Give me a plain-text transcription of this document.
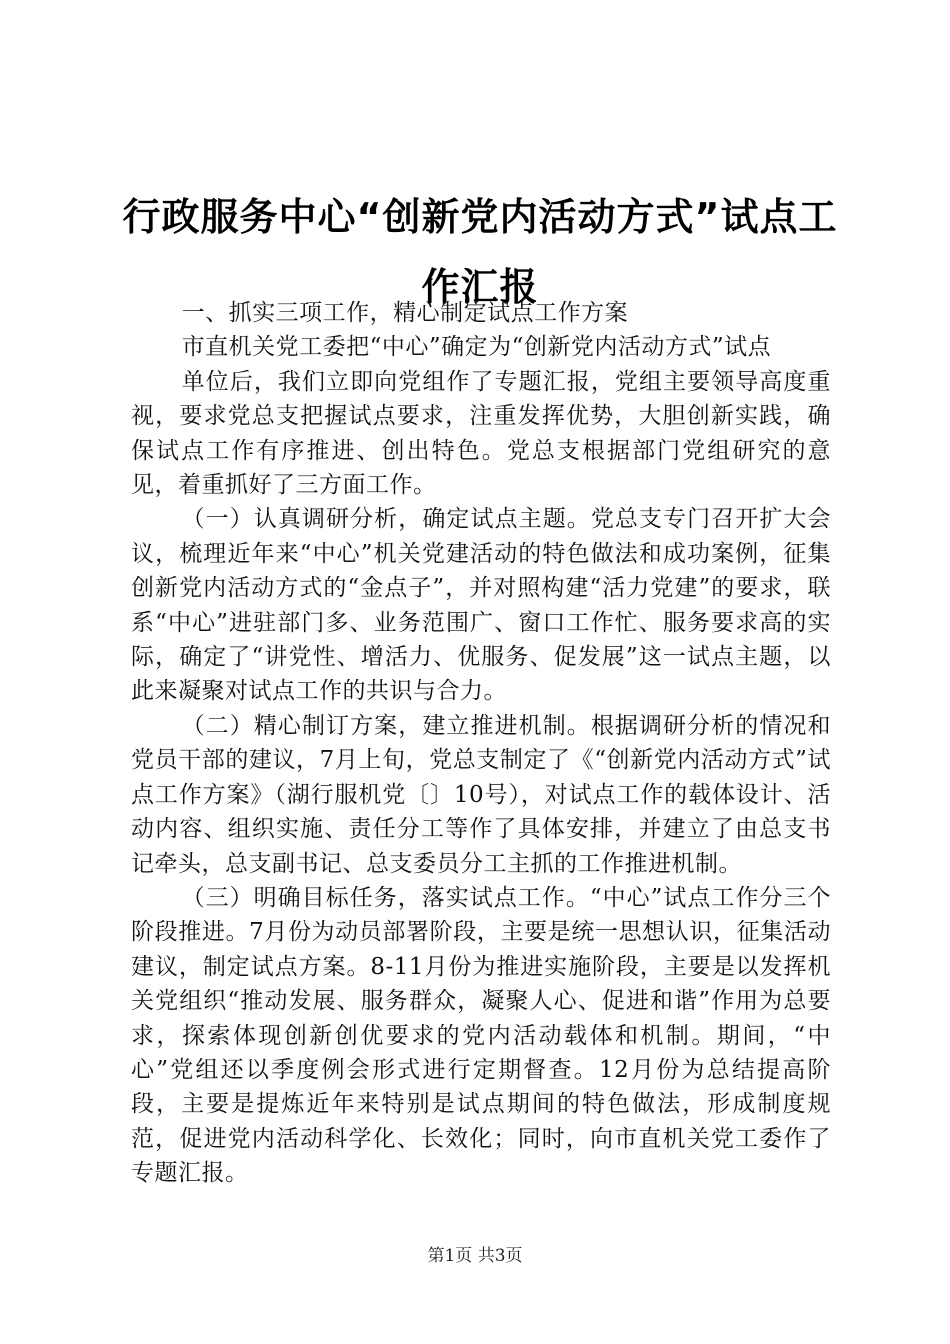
行政服务中心“创新党内活动方式”试点工作汇报

一、抓实三项工作，精心制定试点工作方案

市直机关党工委把“中心”确定为“创新党内活动方式”试点

单位后，我们立即向党组作了专题汇报，党组主要领导高度重视，要求党总支把握试点要求，注重发挥优势，大胆创新实践，确保试点工作有序推进、创出特色。党总支根据部门党组研究的意见，着重抓好了三方面工作。

（一）认真调研分析，确定试点主题。党总支专门召开扩大会议，梳理近年来“中心”机关党建活动的特色做法和成功案例，征集创新党内活动方式的“金点子”，并对照构建“活力党建”的要求，联系“中心”进驻部门多、业务范围广、窗口工作忙、服务要求高的实际，确定了“讲党性、增活力、优服务、促发展”这一试点主题，以此来凝聚对试点工作的共识与合力。

（二）精心制订方案，建立推进机制。根据调研分析的情况和党员干部的建议，7月上旬，党总支制定了《“创新党内活动方式”试点工作方案》（湖行服机党〔〕10号），对试点工作的载体设计、活动内容、组织实施、责任分工等作了具体安排，并建立了由总支书记牵头，总支副书记、总支委员分工主抓的工作推进机制。

（三）明确目标任务，落实试点工作。“中心”试点工作分三个阶段推进。7月份为动员部署阶段，主要是统一思想认识，征集活动建议，制定试点方案。8-11月份为推进实施阶段，主要是以发挥机关党组织“推动发展、服务群众，凝聚人心、促进和谐”作用为总要求，探索体现创新创优要求的党内活动载体和机制。期间，“中心”党组还以季度例会形式进行定期督查。12月份为总结提高阶段，主要是提炼近年来特别是试点期间的特色做法，形成制度规范，促进党内活动科学化、长效化；同时，向市直机关党工委作了专题汇报。

第1页 共3页
